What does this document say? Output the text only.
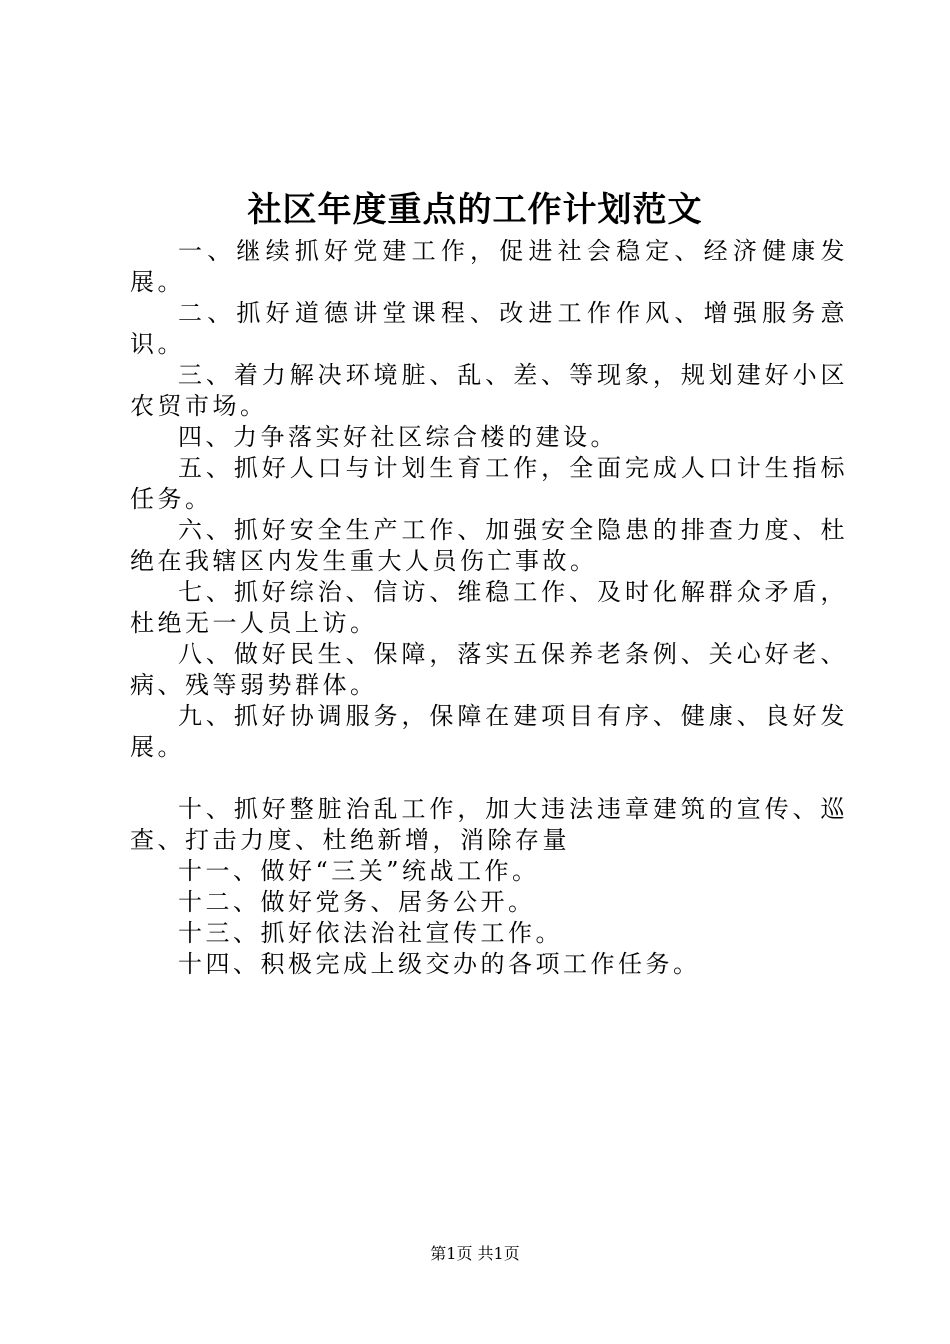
社区年度重点的工作计划范文

一、继续抓好党建工作，促进社会稳定、经济健康发展。

二、抓好道德讲堂课程、改进工作作风、增强服务意识。

三、着力解决环境脏、乱、差、等现象，规划建好小区农贸市场。

四、力争落实好社区综合楼的建设。

五、抓好人口与计划生育工作，全面完成人口计生指标任务。

六、抓好安全生产工作、加强安全隐患的排查力度、杜绝在我辖区内发生重大人员伤亡事故。

七、抓好综治、信访、维稳工作、及时化解群众矛盾，杜绝无一人员上访。

八、做好民生、保障，落实五保养老条例、关心好老、病、残等弱势群体。

九、抓好协调服务，保障在建项目有序、健康、良好发展。

十、抓好整脏治乱工作，加大违法违章建筑的宣传、巡查、打击力度、杜绝新增，消除存量

十一、做好“三关”统战工作。

十二、做好党务、居务公开。

十三、抓好依法治社宣传工作。

十四、积极完成上级交办的各项工作任务。

第1页 共1页
